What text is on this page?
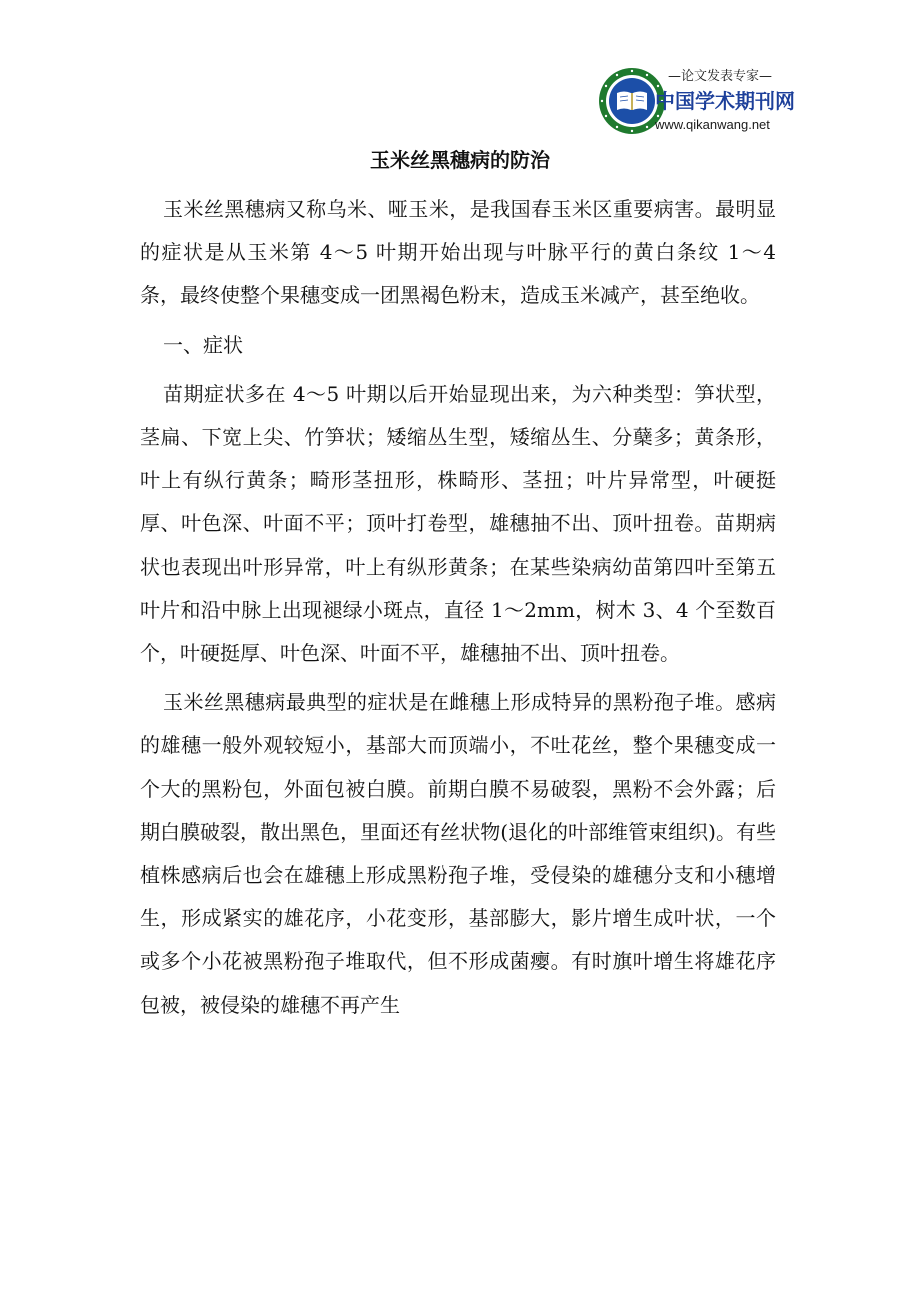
—论文发表专家—
中国学术期刊网
www.qikanwang.net
玉米丝黑穗病的防治

玉米丝黑穗病又称乌米、哑玉米，是我国春玉米区重要病害。最明显的症状是从玉米第 4～5 叶期开始出现与叶脉平行的黄白条纹 1～4 条，最终使整个果穗变成一团黑褐色粉末，造成玉米减产，甚至绝收。

一、症状

苗期症状多在 4～5 叶期以后开始显现出来，为六种类型：笋状型，茎扁、下宽上尖、竹笋状；矮缩丛生型，矮缩丛生、分蘖多；黄条形，叶上有纵行黄条；畸形茎扭形，株畸形、茎扭；叶片异常型，叶硬挺厚、叶色深、叶面不平；顶叶打卷型，雄穗抽不出、顶叶扭卷。苗期病状也表现出叶形异常，叶上有纵形黄条；在某些染病幼苗第四叶至第五叶片和沿中脉上出现褪绿小斑点，直径 1～2mm，树木 3、4 个至数百个，叶硬挺厚、叶色深、叶面不平，雄穗抽不出、顶叶扭卷。

玉米丝黑穗病最典型的症状是在雌穗上形成特异的黑粉孢子堆。感病的雄穗一般外观较短小，基部大而顶端小，不吐花丝，整个果穗变成一个大的黑粉包，外面包被白膜。前期白膜不易破裂，黑粉不会外露；后期白膜破裂，散出黑色，里面还有丝状物(退化的叶部维管束组织)。有些植株感病后也会在雄穗上形成黑粉孢子堆，受侵染的雄穗分支和小穗增生，形成紧实的雄花序，小花变形，基部膨大，影片增生成叶状，一个或多个小花被黑粉孢子堆取代，但不形成菌瘿。有时旗叶增生将雄花序包被，被侵染的雄穗不再产生
